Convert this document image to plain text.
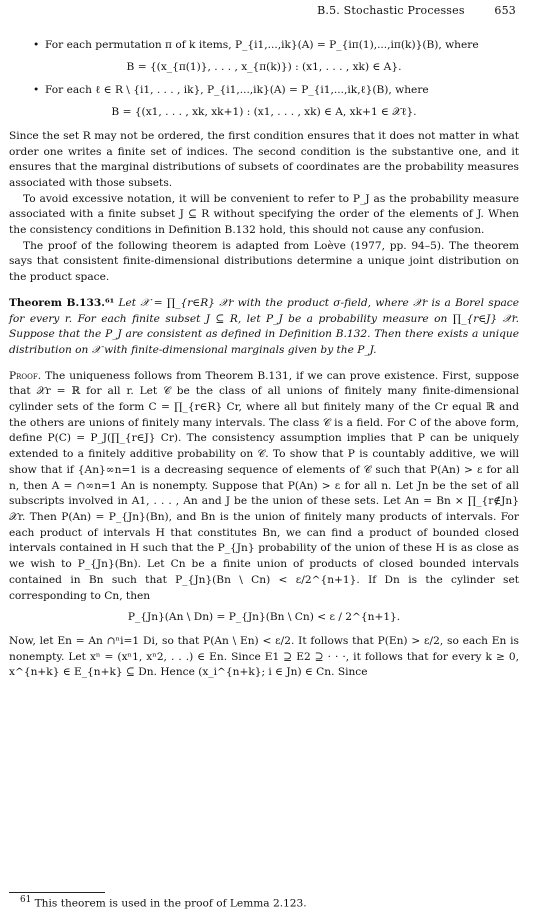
B.5. Stochastic Processes	653

• For each permutation π of k items, P_{i1,...,ik}(A) = P_{iπ(1),...,iπ(k)}(B), where

B = {(x_{π(1)}, . . . , x_{π(k)}) : (x1, . . . , xk) ∈ A}.

• For each ℓ ∈ R \ {i1, . . . , ik}, P_{i1,...,ik}(A) = P_{i1,...,ik,ℓ}(B), where

B = {(x1, . . . , xk, xk+1) : (x1, . . . , xk) ∈ A, xk+1 ∈ 𝒳ℓ}.

Since the set R may not be ordered, the first condition ensures that it does not matter in what order one writes a finite set of indices. The second condition is the substantive one, and it ensures that the marginal distributions of subsets of coordinates are the probability measures associated with those subsets.

To avoid excessive notation, it will be convenient to refer to P_J as the probability measure associated with a finite subset J ⊆ R without specifying the order of the elements of J. When the consistency conditions in Definition B.132 hold, this should not cause any confusion.

The proof of the following theorem is adapted from Loève (1977, pp. 94–5). The theorem says that consistent finite-dimensional distributions determine a unique joint distribution on the product space.

Theorem B.133.⁶¹ Let 𝒳 = ∏_{r∈R} 𝒳r with the product σ-field, where 𝒳r is a Borel space for every r. For each finite subset J ⊆ R, let P_J be a probability measure on ∏_{r∈J} 𝒳r. Suppose that the P_J are consistent as defined in Definition B.132. Then there exists a unique distribution on 𝒳 with finite-dimensional marginals given by the P_J.

Proof. The uniqueness follows from Theorem B.131, if we can prove existence. First, suppose that 𝒳r = ℝ for all r. Let 𝒞 be the class of all unions of finitely many finite-dimensional cylinder sets of the form C = ∏_{r∈R} Cr, where all but finitely many of the Cr equal ℝ and the others are unions of finitely many intervals. The class 𝒞 is a field. For C of the above form, define P(C) = P_J(∏_{r∈J} Cr). The consistency assumption implies that P can be uniquely extended to a finitely additive probability on 𝒞. To show that P is countably additive, we will show that if {An}∞n=1 is a decreasing sequence of elements of 𝒞 such that P(An) > ε for all n, then A = ∩∞n=1 An is nonempty. Suppose that P(An) > ε for all n. Let Jn be the set of all subscripts involved in A1, . . . , An and J be the union of these sets. Let An = Bn × ∏_{r∉Jn} 𝒳r. Then P(An) = P_{Jn}(Bn), and Bn is the union of finitely many products of intervals. For each product of intervals H that constitutes Bn, we can find a product of bounded closed intervals contained in H such that the P_{Jn} probability of the union of these H is as close as we wish to P_{Jn}(Bn). Let Cn be a finite union of products of closed bounded intervals contained in Bn such that P_{Jn}(Bn \ Cn) < ε/2^{n+1}. If Dn is the cylinder set corresponding to Cn, then

P_{Jn}(An \ Dn) = P_{Jn}(Bn \ Cn) < ε / 2^{n+1}.

Now, let En = An ∩ⁿi=1 Di, so that P(An \ En) < ε/2. It follows that P(En) > ε/2, so each En is nonempty. Let xⁿ = (xⁿ1, xⁿ2, . . .) ∈ En. Since E1 ⊇ E2 ⊇ · · ·, it follows that for every k ≥ 0, x^{n+k} ∈ E_{n+k} ⊆ Dn. Hence (x_i^{n+k}; i ∈ Jn) ∈ Cn. Since

$^{61}$ This theorem is used in the proof of Lemma 2.123.
